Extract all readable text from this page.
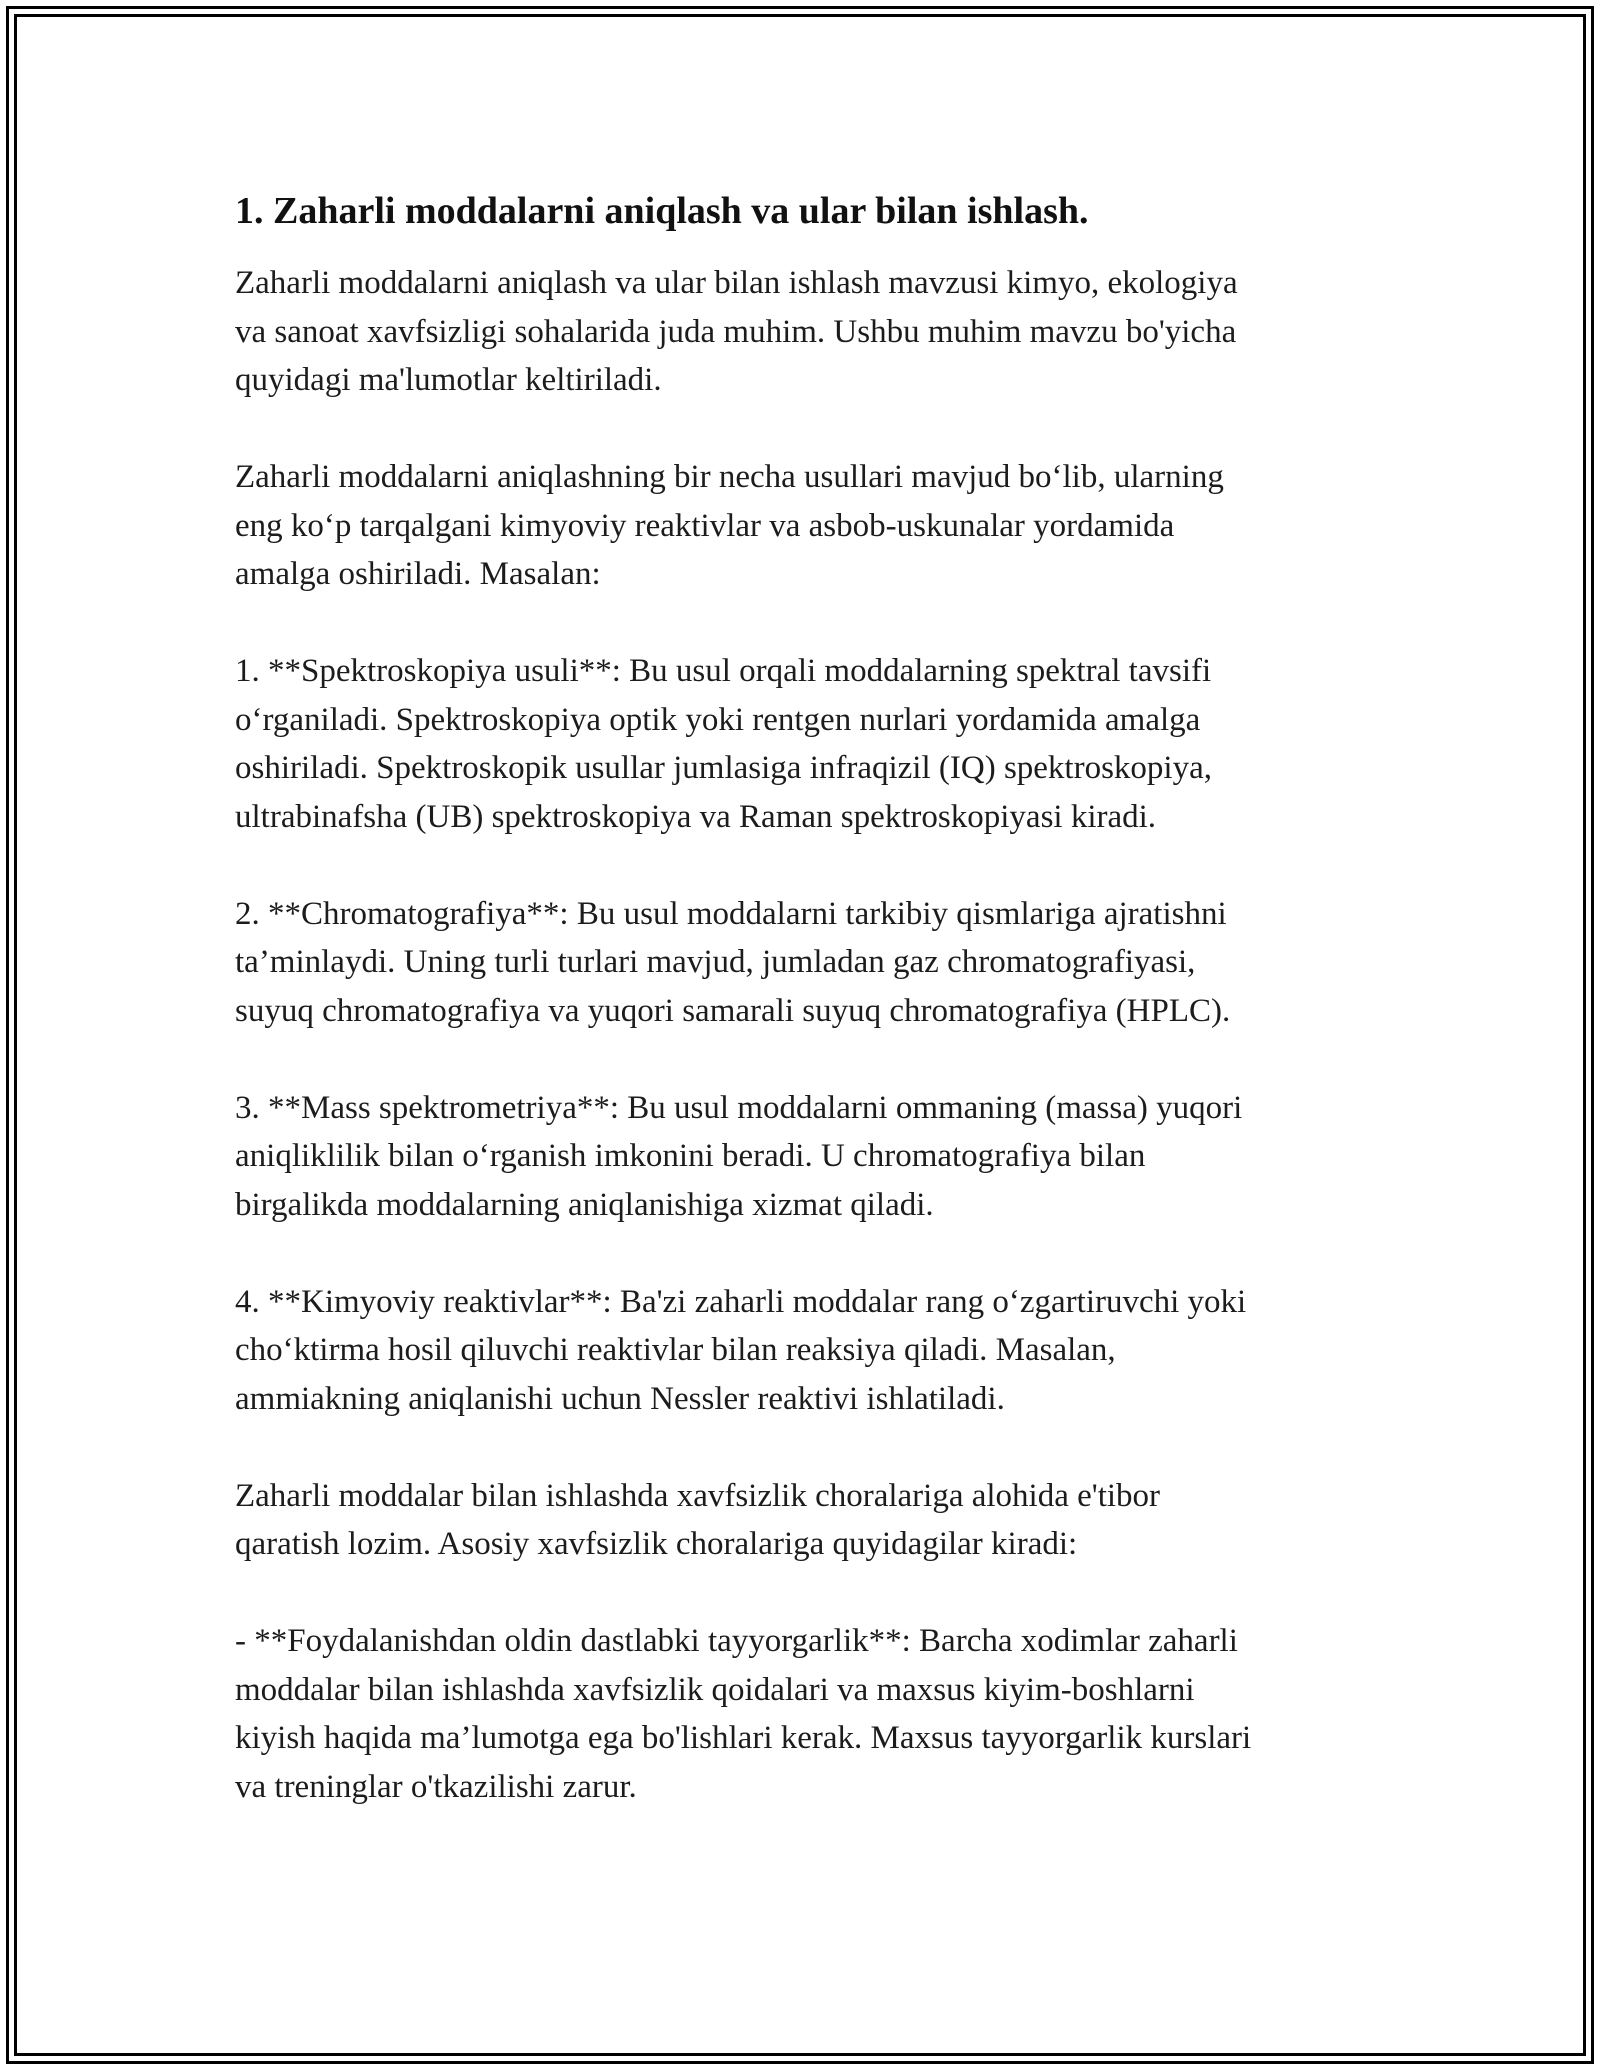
1. Zaharli moddalarni aniqlash va ular bilan ishlash.

Zaharli moddalarni aniqlash va ular bilan ishlash mavzusi kimyo, ekologiya
va sanoat xavfsizligi sohalarida juda muhim. Ushbu muhim mavzu bo'yicha
quyidagi ma'lumotlar keltiriladi.

Zaharli moddalarni aniqlashning bir necha usullari mavjud bo‘lib, ularning
eng ko‘p tarqalgani kimyoviy reaktivlar va asbob-uskunalar yordamida
amalga oshiriladi. Masalan:

1. **Spektroskopiya usuli**: Bu usul orqali moddalarning spektral tavsifi
o‘rganiladi. Spektroskopiya optik yoki rentgen nurlari yordamida amalga
oshiriladi. Spektroskopik usullar jumlasiga infraqizil (IQ) spektroskopiya,
ultrabinafsha (UB) spektroskopiya va Raman spektroskopiyasi kiradi.

2. **Chromatografiya**: Bu usul moddalarni tarkibiy qismlariga ajratishni
ta’minlaydi. Uning turli turlari mavjud, jumladan gaz chromatografiyasi,
suyuq chromatografiya va yuqori samarali suyuq chromatografiya (HPLC).

3. **Mass spektrometriya**: Bu usul moddalarni ommaning (massa) yuqori
aniqliklilik bilan o‘rganish imkonini beradi. U chromatografiya bilan
birgalikda moddalarning aniqlanishiga xizmat qiladi.

4. **Kimyoviy reaktivlar**: Ba'zi zaharli moddalar rang o‘zgartiruvchi yoki
cho‘ktirma hosil qiluvchi reaktivlar bilan reaksiya qiladi. Masalan,
ammiakning aniqlanishi uchun Nessler reaktivi ishlatiladi.

Zaharli moddalar bilan ishlashda xavfsizlik choralariga alohida e'tibor
qaratish lozim. Asosiy xavfsizlik choralariga quyidagilar kiradi:

- **Foydalanishdan oldin dastlabki tayyorgarlik**: Barcha xodimlar zaharli
moddalar bilan ishlashda xavfsizlik qoidalari va maxsus kiyim-boshlarni
kiyish haqida ma’lumotga ega bo'lishlari kerak. Maxsus tayyorgarlik kurslari
va treninglar o'tkazilishi zarur.
